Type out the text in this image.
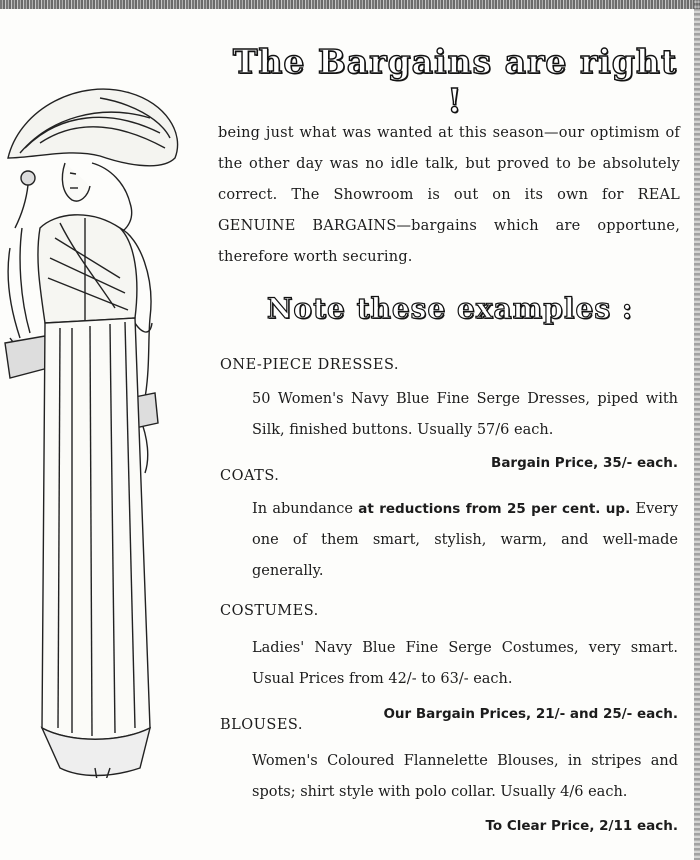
The Bargains are right !
being just what was wanted at this season—our optimism of the other day was no idle talk, but proved to be absolutely correct. The Showroom is out on its own for REAL GENUINE BARGAINS—bargains which are opportune, therefore worth securing.
Note these examples :
ONE-PIECE DRESSES.
50 Women's Navy Blue Fine Serge Dresses, piped with Silk, finished buttons. Usually 57/6 each.
Bargain Price, 35/- each.
COATS.
In abundance at reductions from 25 per cent. up. Every one of them smart, stylish, warm, and well-made generally.
COSTUMES.
Ladies' Navy Blue Fine Serge Costumes, very smart. Usual Prices from 42/- to 63/- each.
Our Bargain Prices, 21/- and 25/- each.
BLOUSES.
Women's Coloured Flannelette Blouses, in stripes and spots; shirt style with polo collar. Usually 4/6 each.
To Clear Price, 2/11 each.
